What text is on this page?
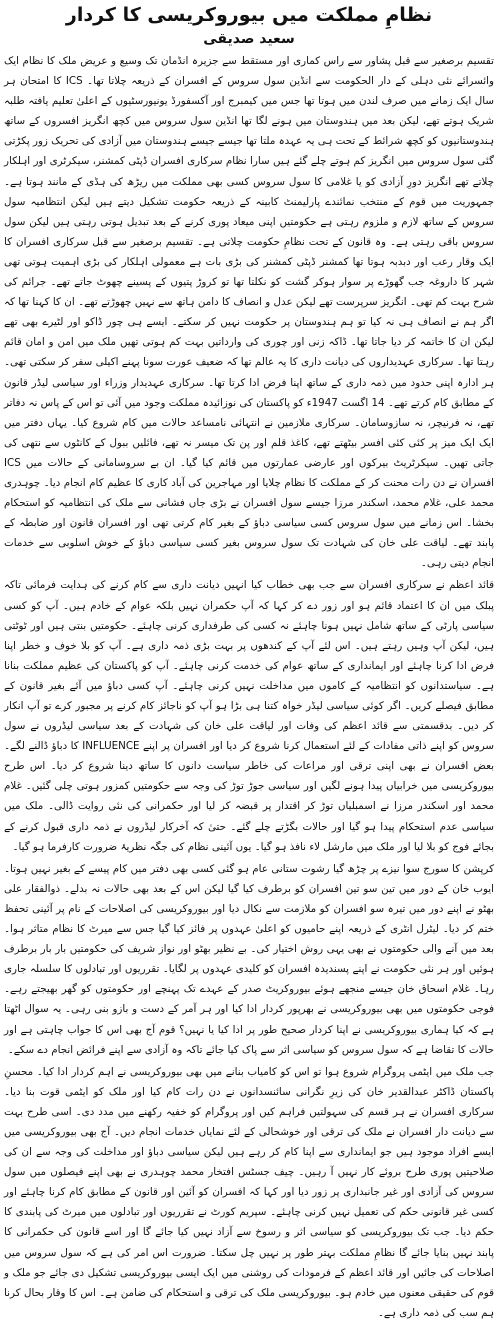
نظامِ مملکت میں بیوروکریسی کا کردار
سعید صدیقی

تقسیم برصغیر سے قبل پشاور سے راس کماری اور مستقط سے جزیرہ انڈمان تک وسیع و عریض ملک کا نظام ایک وائسرائے نئی دہلی کے دار الحکومت سے انڈین سول سروس کے افسران کے ذریعہ چلاتا تھا۔ ICS کا امتحان ہر سال ایک زمانے میں صرف لندن میں ہوتا تھا جس میں کیمبرج اور آکسفورڈ یونیورسٹیوں کے اعلیٰ تعلیم یافتہ طلبہ شریک ہوتے تھے، لیکن بعد میں ہندوستان میں ہونے لگا تھا انڈین سول سروس میں کچھ انگریز افسروں کے ساتھ ہندوستانیوں کو کچھ شرائط کے تحت ہی یہ عہدہ ملتا تھا جیسے جیسے ہندوستان میں آزادی کی تحریک زور پکڑتی گئی سول سروس میں انگریز کم ہوتے چلے گئے ہیں سارا نظام سرکاری افسران ڈپٹی کمشنر، سیکرٹری اور اہلکار چلاتے تھے انگریز دورِ آزادی کو یا غلامی کا سول سروس کسی بھی مملکت میں ریڑھ کی ہڈی کے مانند ہوتا ہے۔ جمہوریت میں قوم کے منتخب نمائندے پارلیمنٹ کابینہ کے ذریعہ حکومت تشکیل دیتے ہیں لیکن انتظامیہ سول سروس کے ساتھ لازم و ملزوم رہتی ہے حکومتیں اپنی میعاد پوری کرنے کے بعد تبدیل ہوتی رہتی ہیں لیکن سول سروس باقی رہتی ہے۔ وہ قانون کے تحت نظامِ حکومت چلاتی ہے۔ تقسیم برصغیر سے قبل سرکاری افسران کا ایک وقار رعب اور دبدبہ ہوتا تھا کمشنر ڈپٹی کمشنر کی بڑی بات ہے معمولی اہلکار کی بڑی اہمیت ہوتی تھی شہر کا داروغہ جب گھوڑے پر سوار ہوکر گشت کو نکلتا تھا تو کروڑ پتیوں کے پسینے چھوٹ جاتے تھے۔ جرائم کی شرح بہت کم تھی۔ انگریز سرپرست تھے لیکن عدل و انصاف کا دامن ہاتھ سے نہیں چھوڑتے تھے۔ ان کا کہنا تھا کہ اگر ہم نے انصاف ہی نہ کیا تو ہم ہندوستان پر حکومت نہیں کر سکتے۔ ایسے ہی چور ڈاکو اور لٹیرے بھی تھے لیکن ان کا خاتمہ کر دیا جاتا تھا۔ ڈاکہ زنی اور چوری کی وارداتیں بہت کم ہوتی تھیں ملک میں امن و امان قائم رہتا تھا۔ سرکاری عہدیداروں کی دیانت داری کا یہ عالم تھا کہ ضعیف عورت سونا پہنے اکیلی سفر کر سکتی تھی۔ ہر ادارہ اپنی حدود میں ذمہ داری کے ساتھ اپنا فرض ادا کرتا تھا۔ سرکاری عہدیدار وزراء اور سیاسی لیڈر قانون کے مطابق کام کرتے تھے۔ 14 اگست 1947ء کو پاکستان کی نوزائیدہ مملکت وجود میں آئی تو اس کے پاس نہ دفاتر تھے، نہ فرنیچر، نہ سازوسامان۔ سرکاری ملازمین نے انتہائی نامساعد حالات میں کام شروع کیا۔ یہاں دفتر میں ایک ایک میز پر کئی کئی افسر بیٹھتے تھے، کاغذ قلم اور پن تک میسر نہ تھے، فائلیں ببول کے کانٹوں سے نتھی کی جاتی تھیں۔ سیکرٹریٹ بیرکوں اور عارضی عمارتوں میں قائم کیا گیا۔ ان بے سروسامانی کے حالات میں ICS افسران نے دن رات محنت کر کے مملکت کا نظام چلایا اور مہاجرین کی آباد کاری کا عظیم کام انجام دیا۔ چوہدری محمد علی، غلام محمد، اسکندر مرزا جیسے سول افسران نے بڑی جاں فشانی سے ملک کی انتظامیہ کو استحکام بخشا۔ اس زمانے میں سول سروس کسی سیاسی دباؤ کے بغیر کام کرتی تھی اور افسران قانون اور ضابطہ کے پابند تھے۔ لیاقت علی خان کی شہادت تک سول سروس بغیر کسی سیاسی دباؤ کے خوش اسلوبی سے خدمات انجام دیتی رہی۔

قائد اعظم نے سرکاری افسران سے جب بھی خطاب کیا انہیں دیانت داری سے کام کرنے کی ہدایت فرمائی تاکہ پبلک میں ان کا اعتماد قائم ہو اور زور دے کر کہا کہ آپ حکمران نہیں بلکہ عوام کے خادم ہیں۔ آپ کو کسی سیاسی پارٹی کے ساتھ شامل نہیں ہونا چاہئے نہ کسی کی طرفداری کرنی چاہئے۔ حکومتیں بنتی ہیں اور ٹوٹتی ہیں، لیکن آپ وہیں رہتے ہیں۔ اس لئے آپ کے کندھوں پر بہت بڑی ذمہ داری ہے۔ آپ کو بلا خوف و خطر اپنا فرض ادا کرنا چاہئے اور ایمانداری کے ساتھ عوام کی خدمت کرنی چاہئے۔ آپ کو پاکستان کی عظیم مملکت بنانا ہے۔ سیاستدانوں کو انتظامیہ کے کاموں میں مداخلت نہیں کرنی چاہئے۔ آپ کسی دباؤ میں آئے بغیر قانون کے مطابق فیصلے کریں۔ اگر کوئی سیاسی لیڈر خواہ کتنا ہی بڑا ہو آپ کو ناجائز کام کرنے پر مجبور کرے تو آپ انکار کر دیں۔ بدقسمتی سے قائد اعظم کی وفات اور لیاقت علی خان کی شہادت کے بعد سیاسی لیڈروں نے سول سروس کو اپنے ذاتی مفادات کے لئے استعمال کرنا شروع کر دیا اور افسران پر اپنے INFLUENCE کا دباؤ ڈالنے لگے۔ بعض افسران نے بھی اپنی ترقی اور مراعات کی خاطر سیاست دانوں کا ساتھ دینا شروع کر دیا۔ اس طرح بیوروکریسی میں خرابیاں پیدا ہونے لگیں اور سیاسی جوڑ توڑ کی وجہ سے حکومتیں کمزور ہوتی چلی گئیں۔ غلام محمد اور اسکندر مرزا نے اسمبلیاں توڑ کر اقتدار پر قبضہ کر لیا اور حکمرانی کی نئی روایت ڈالی۔ ملک میں سیاسی عدم استحکام پیدا ہو گیا اور حالات بگڑتے چلے گئے۔ حتیٰ کہ آخرکار لیڈروں نے ذمہ داری قبول کرنے کے بجائے فوج کو بلا لیا اور ملک میں مارشل لاء نافذ ہو گیا۔ یوں آئینی نظام کی جگہ نظریۂ ضرورت کارفرما ہو گیا۔

کرپشن کا سورج سوا نیزے پر چڑھ گیا رشوت ستانی عام ہو گئی کسی بھی دفتر میں کام پیسے کے بغیر نہیں ہوتا۔ ایوب خان کے دور میں تین سو تین افسران کو برطرف کیا گیا لیکن اس کے بعد بھی حالات نہ بدلے۔ ذوالفقار علی بھٹو نے اپنے دور میں تیرہ سو افسران کو ملازمت سے نکال دیا اور بیوروکریسی کی اصلاحات کے نام پر آئینی تحفظ ختم کر دیا۔ لیٹرل انٹری کے ذریعہ اپنے حامیوں کو اعلیٰ عہدوں پر فائز کیا گیا جس سے میرٹ کا نظام متاثر ہوا۔ بعد میں آنے والی حکومتوں نے بھی یہی روش اختیار کی۔ بے نظیر بھٹو اور نواز شریف کی حکومتیں بار بار برطرف ہوئیں اور ہر نئی حکومت نے اپنے پسندیدہ افسران کو کلیدی عہدوں پر لگایا۔ تقرریوں اور تبادلوں کا سلسلہ جاری رہا۔ غلام اسحاق خان جیسے منجھے ہوئے بیوروکریٹ صدر کے عہدے تک پہنچے اور حکومتوں کو گھر بھیجتے رہے۔ فوجی حکومتوں میں بھی بیوروکریسی نے بھرپور کردار ادا کیا اور ہر آمر کے دست و بازو بنی رہی۔ یہ سوال اٹھتا ہے کہ کیا ہماری بیوروکریسی نے اپنا کردار صحیح طور پر ادا کیا یا نہیں؟ قوم آج بھی اس کا جواب چاہتی ہے اور حالات کا تقاضا ہے کہ سول سروس کو سیاسی اثر سے پاک کیا جائے تاکہ وہ آزادی سے اپنے فرائض انجام دے سکے۔

جب ملک میں ایٹمی پروگرام شروع ہوا تو اس کو کامیاب بنانے میں بھی بیوروکریسی نے اہم کردار ادا کیا۔ محسنِ پاکستان ڈاکٹر عبدالقدیر خان کی زیرِ نگرانی سائنسدانوں نے دن رات کام کیا اور ملک کو ایٹمی قوت بنا دیا۔ سرکاری افسران نے ہر قسم کی سہولتیں فراہم کیں اور پروگرام کو خفیہ رکھنے میں مدد دی۔ اسی طرح بہت سے دیانت دار افسران نے ملک کی ترقی اور خوشحالی کے لئے نمایاں خدمات انجام دیں۔ آج بھی بیوروکریسی میں ایسے افراد موجود ہیں جو ایمانداری سے اپنا کام کر رہے ہیں لیکن سیاسی دباؤ اور مداخلت کی وجہ سے ان کی صلاحیتیں پوری طرح بروئے کار نہیں آ رہیں۔ چیف جسٹس افتخار محمد چوہدری نے بھی اپنے فیصلوں میں سول سروس کی آزادی اور غیر جانبداری پر زور دیا اور کہا کہ افسران کو آئین اور قانون کے مطابق کام کرنا چاہئے اور کسی غیر قانونی حکم کی تعمیل نہیں کرنی چاہئے۔ سپریم کورٹ نے تقرریوں اور تبادلوں میں میرٹ کی پابندی کا حکم دیا۔ جب تک بیوروکریسی کو سیاسی اثر و رسوخ سے آزاد نہیں کیا جائے گا اور اسے قانون کی حکمرانی کا پابند نہیں بنایا جائے گا نظامِ مملکت بہتر طور پر نہیں چل سکتا۔ ضرورت اس امر کی ہے کہ سول سروس میں اصلاحات کی جائیں اور قائد اعظم کے فرمودات کی روشنی میں ایک ایسی بیوروکریسی تشکیل دی جائے جو ملک و قوم کی حقیقی معنوں میں خادم ہو۔ بیوروکریسی ملک کی ترقی و استحکام کی ضامن ہے۔ اس کا وقار بحال کرنا ہم سب کی ذمہ داری ہے۔
